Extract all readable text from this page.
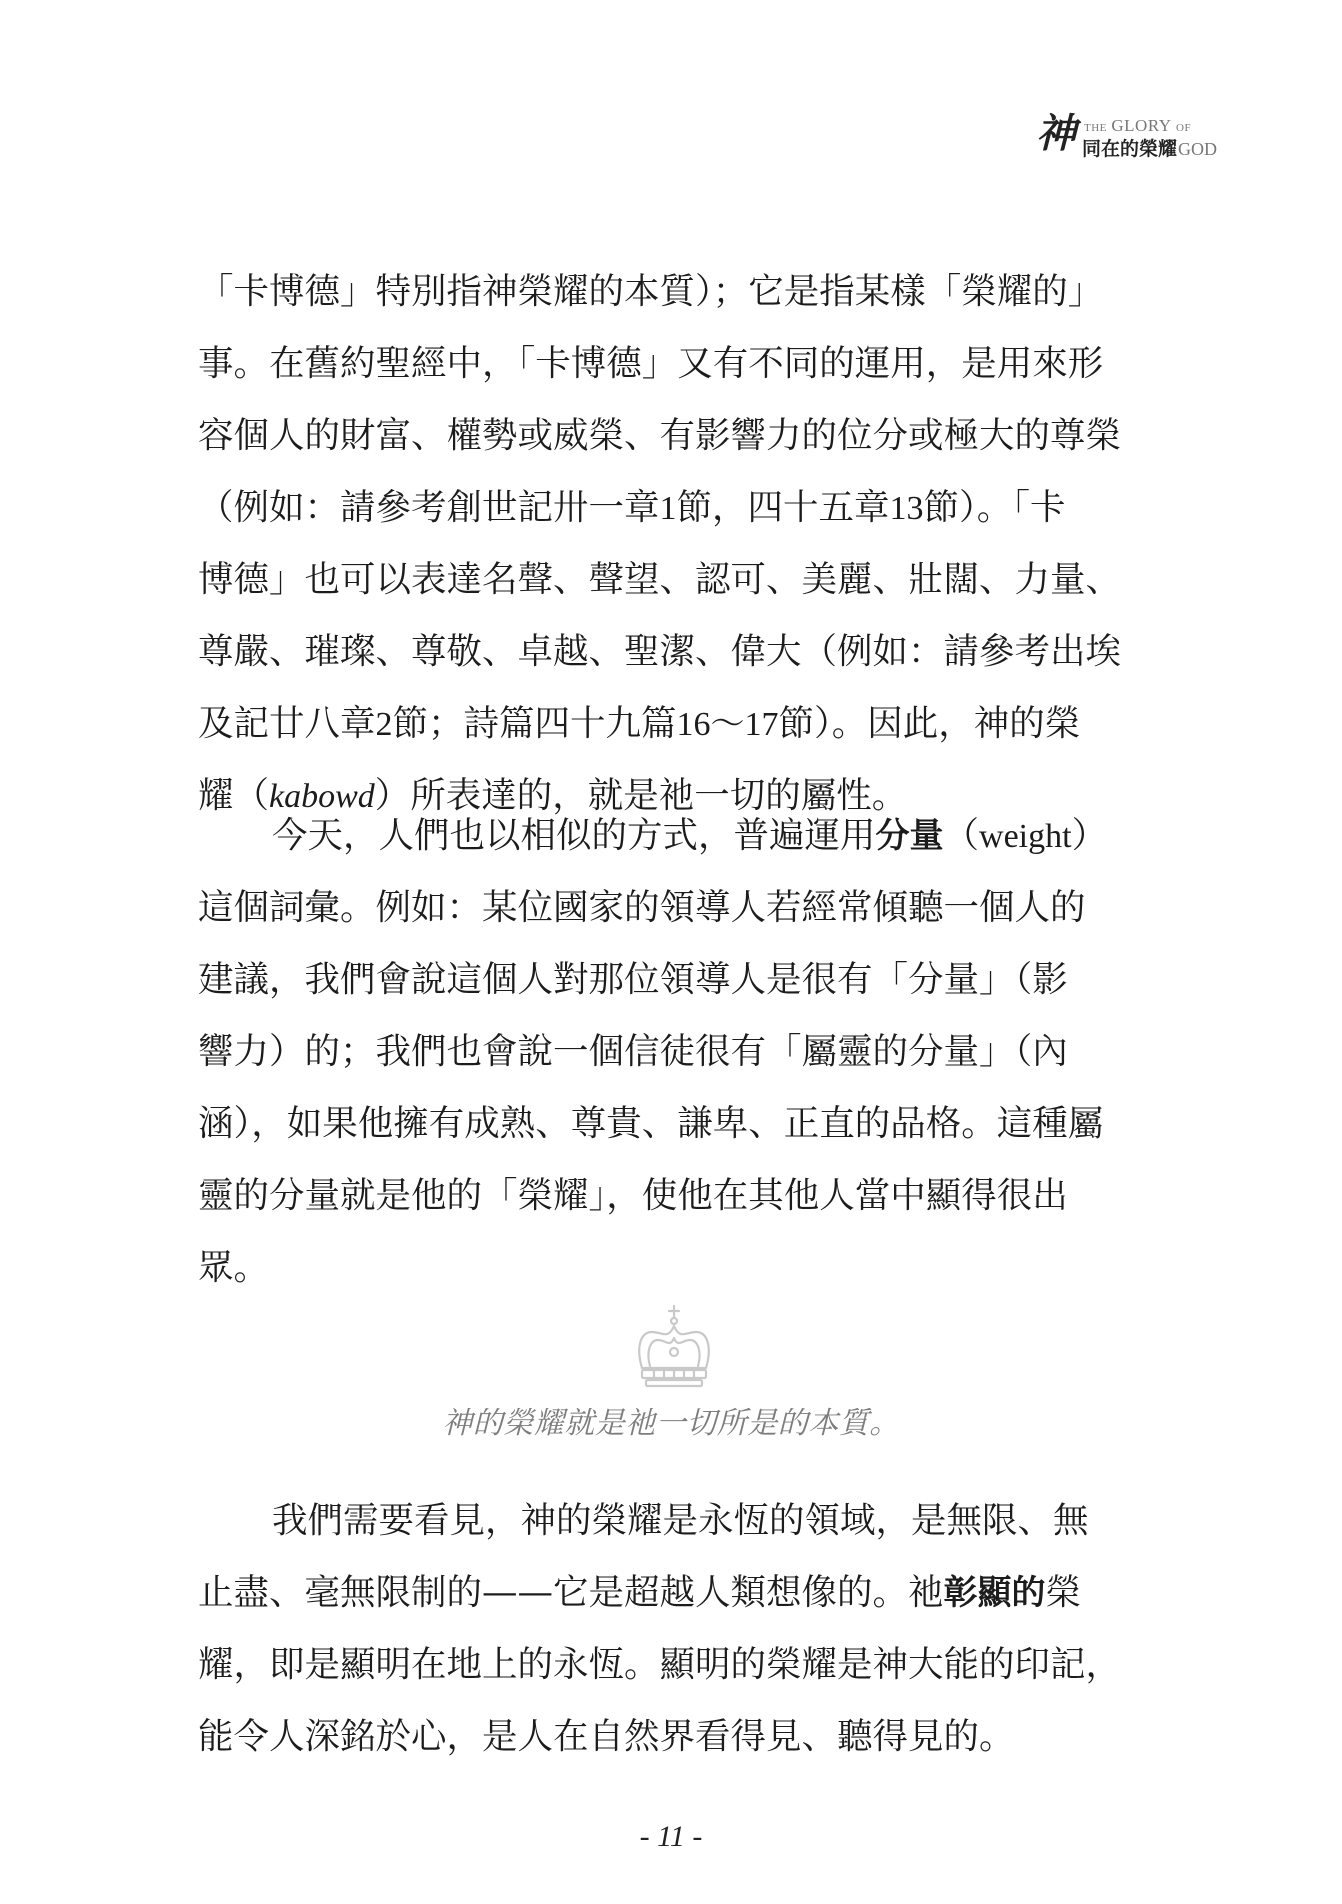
神 THE GLORY OF
同在的榮耀GOD
「卡博德」特別指神榮耀的本質）；它是指某樣「榮耀的」
事。在舊約聖經中，「卡博德」又有不同的運用，是用來形
容個人的財富、權勢或威榮、有影響力的位分或極大的尊榮
（例如：請參考創世記卅一章1節，四十五章13節）。「卡
博德」也可以表達名聲、聲望、認可、美麗、壯闊、力量、
尊嚴、璀璨、尊敬、卓越、聖潔、偉大（例如：請參考出埃
及記廿八章2節；詩篇四十九篇16～17節）。因此，神的榮
耀（kabowd）所表達的，就是祂一切的屬性。
今天，人們也以相似的方式，普遍運用分量（weight）
這個詞彙。例如：某位國家的領導人若經常傾聽一個人的
建議，我們會說這個人對那位領導人是很有「分量」（影
響力）的；我們也會說一個信徒很有「屬靈的分量」（內
涵），如果他擁有成熟、尊貴、謙卑、正直的品格。這種屬
靈的分量就是他的「榮耀」，使他在其他人當中顯得很出
眾。
神的榮耀就是祂一切所是的本質。
我們需要看見，神的榮耀是永恆的領域，是無限、無
止盡、毫無限制的——它是超越人類想像的。祂彰顯的榮
耀，即是顯明在地上的永恆。顯明的榮耀是神大能的印記，
能令人深銘於心，是人在自然界看得見、聽得見的。
- 11 -
